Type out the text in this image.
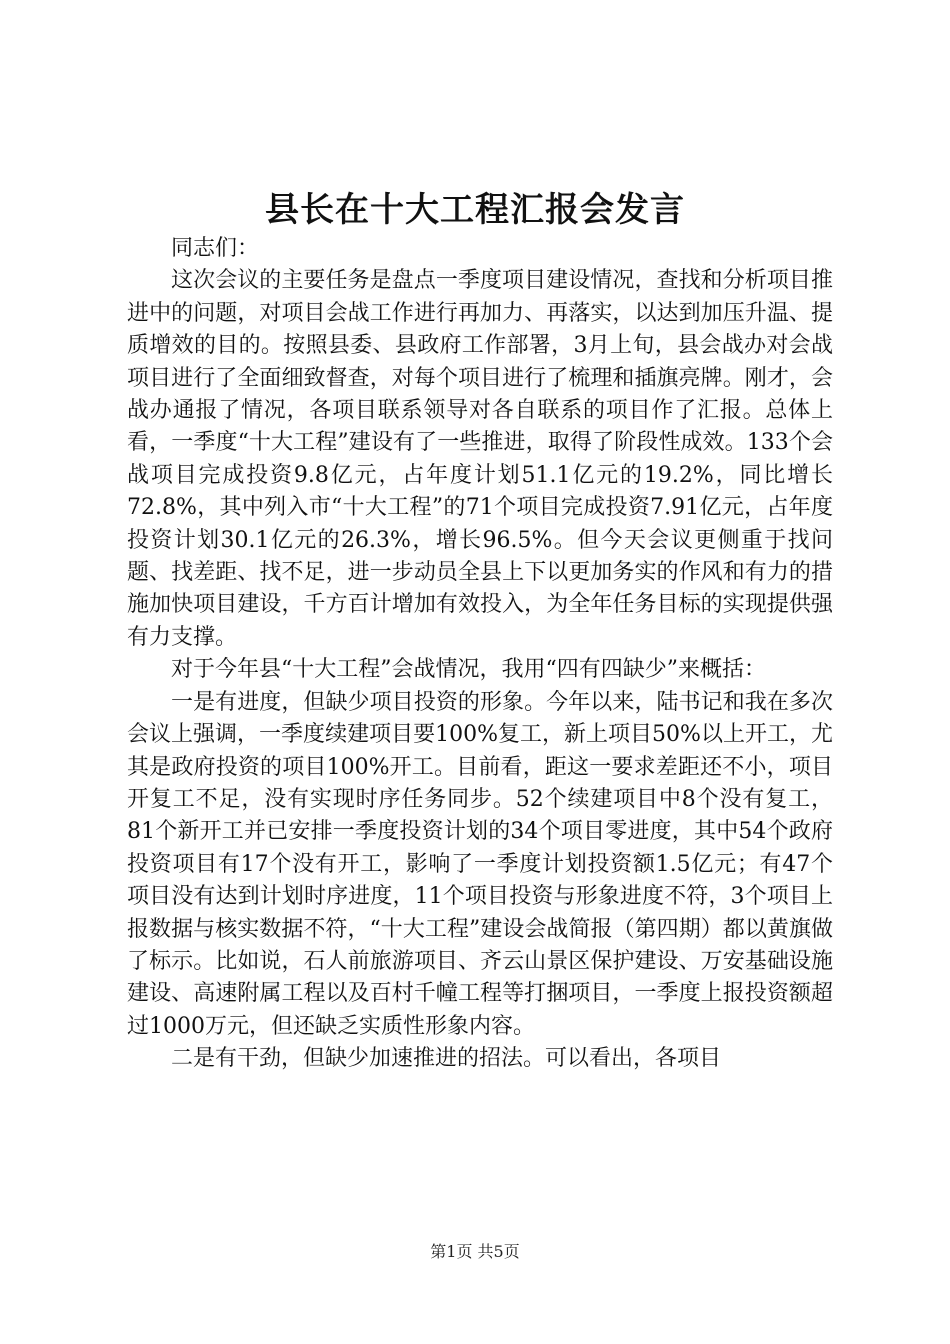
县长在十大工程汇报会发言

同志们：

这次会议的主要任务是盘点一季度项目建设情况，查找和分析项目推进中的问题，对项目会战工作进行再加力、再落实，以达到加压升温、提质增效的目的。按照县委、县政府工作部署，3月上旬，县会战办对会战项目进行了全面细致督查，对每个项目进行了梳理和插旗亮牌。刚才，会战办通报了情况，各项目联系领导对各自联系的项目作了汇报。总体上看，一季度“十大工程”建设有了一些推进，取得了阶段性成效。133个会战项目完成投资9.8亿元，占年度计划51.1亿元的19.2%，同比增长72.8%，其中列入市“十大工程”的71个项目完成投资7.91亿元，占年度投资计划30.1亿元的26.3%，增长96.5%。但今天会议更侧重于找问题、找差距、找不足，进一步动员全县上下以更加务实的作风和有力的措施加快项目建设，千方百计增加有效投入，为全年任务目标的实现提供强有力支撑。

对于今年县“十大工程”会战情况，我用“四有四缺少”来概括：

一是有进度，但缺少项目投资的形象。今年以来，陆书记和我在多次会议上强调，一季度续建项目要100%复工，新上项目50%以上开工，尤其是政府投资的项目100%开工。目前看，距这一要求差距还不小，项目开复工不足，没有实现时序任务同步。52个续建项目中8个没有复工，81个新开工并已安排一季度投资计划的34个项目零进度，其中54个政府投资项目有17个没有开工，影响了一季度计划投资额1.5亿元；有47个项目没有达到计划时序进度，11个项目投资与形象进度不符，3个项目上报数据与核实数据不符，“十大工程”建设会战简报（第四期）都以黄旗做了标示。比如说，石人前旅游项目、齐云山景区保护建设、万安基础设施建设、高速附属工程以及百村千幢工程等打捆项目，一季度上报投资额超过1000万元，但还缺乏实质性形象内容。

二是有干劲，但缺少加速推进的招法。可以看出，各项目

第1页 共5页
